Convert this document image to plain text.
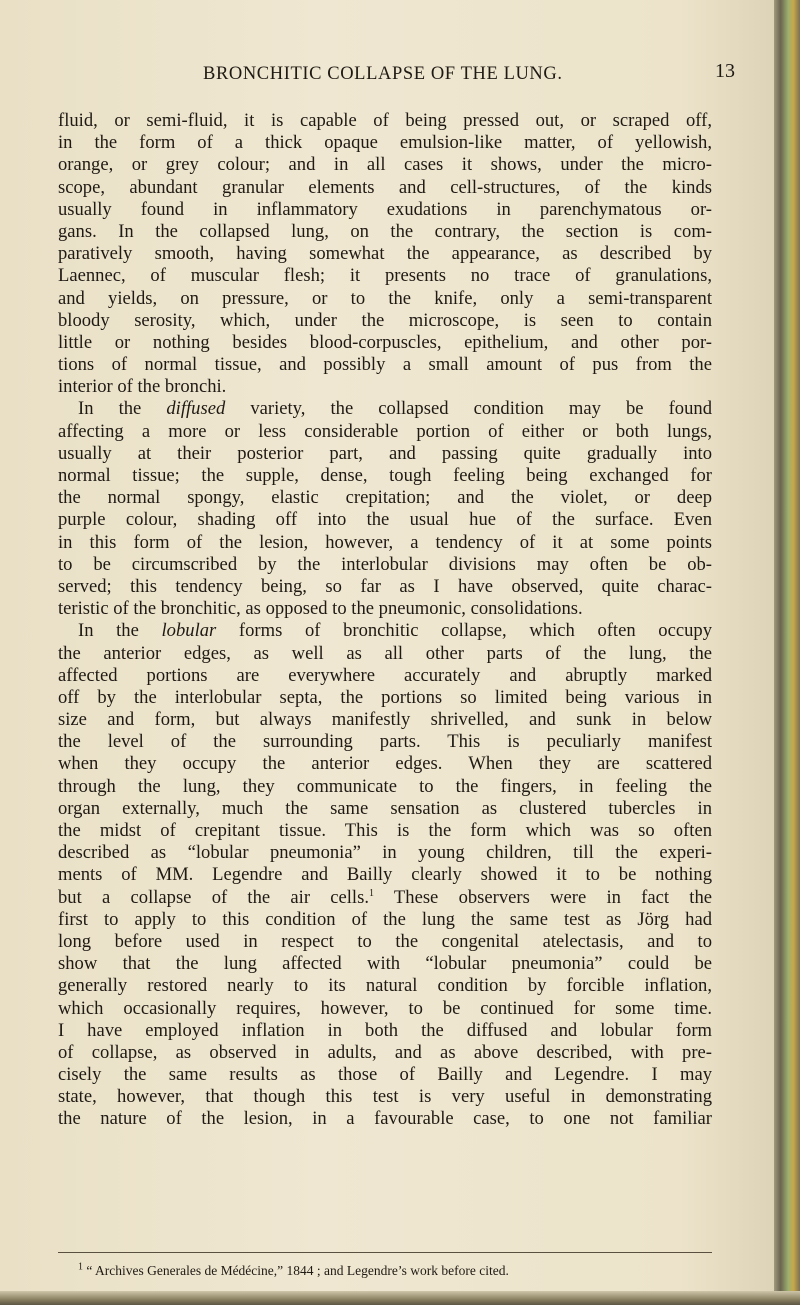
BRONCHITIC COLLAPSE OF THE LUNG.	13
fluid, or semi-fluid, it is capable of being pressed out, or scraped off,
in the form of a thick opaque emulsion-like matter, of yellowish,
orange, or grey colour; and in all cases it shows, under the micro-
scope, abundant granular elements and cell-structures, of the kinds
usually found in inflammatory exudations in parenchymatous or-
gans. In the collapsed lung, on the contrary, the section is com-
paratively smooth, having somewhat the appearance, as described by
Laennec, of muscular flesh; it presents no trace of granulations,
and yields, on pressure, or to the knife, only a semi-transparent
bloody serosity, which, under the microscope, is seen to contain
little or nothing besides blood-corpuscles, epithelium, and other por-
tions of normal tissue, and possibly a small amount of pus from the
interior of the bronchi.
In the diffused variety, the collapsed condition may be found
affecting a more or less considerable portion of either or both lungs,
usually at their posterior part, and passing quite gradually into
normal tissue; the supple, dense, tough feeling being exchanged for
the normal spongy, elastic crepitation; and the violet, or deep
purple colour, shading off into the usual hue of the surface. Even
in this form of the lesion, however, a tendency of it at some points
to be circumscribed by the interlobular divisions may often be ob-
served; this tendency being, so far as I have observed, quite charac-
teristic of the bronchitic, as opposed to the pneumonic, consolidations.
In the lobular forms of bronchitic collapse, which often occupy
the anterior edges, as well as all other parts of the lung, the
affected portions are everywhere accurately and abruptly marked
off by the interlobular septa, the portions so limited being various in
size and form, but always manifestly shrivelled, and sunk in below
the level of the surrounding parts. This is peculiarly manifest
when they occupy the anterior edges. When they are scattered
through the lung, they communicate to the fingers, in feeling the
organ externally, much the same sensation as clustered tubercles in
the midst of crepitant tissue. This is the form which was so often
described as “lobular pneumonia” in young children, till the experi-
ments of MM. Legendre and Bailly clearly showed it to be nothing
but a collapse of the air cells.$^1$ These observers were in fact the
first to apply to this condition of the lung the same test as Jörg had
long before used in respect to the congenital atelectasis, and to
show that the lung affected with “lobular pneumonia” could be
generally restored nearly to its natural condition by forcible inflation,
which occasionally requires, however, to be continued for some time.
I have employed inflation in both the diffused and lobular form
of collapse, as observed in adults, and as above described, with pre-
cisely the same results as those of Bailly and Legendre. I may
state, however, that though this test is very useful in demonstrating
the nature of the lesion, in a favourable case, to one not familiar
$^1$ “ Archives Generales de Médécine,” 1844 ; and Legendre’s work before cited.
